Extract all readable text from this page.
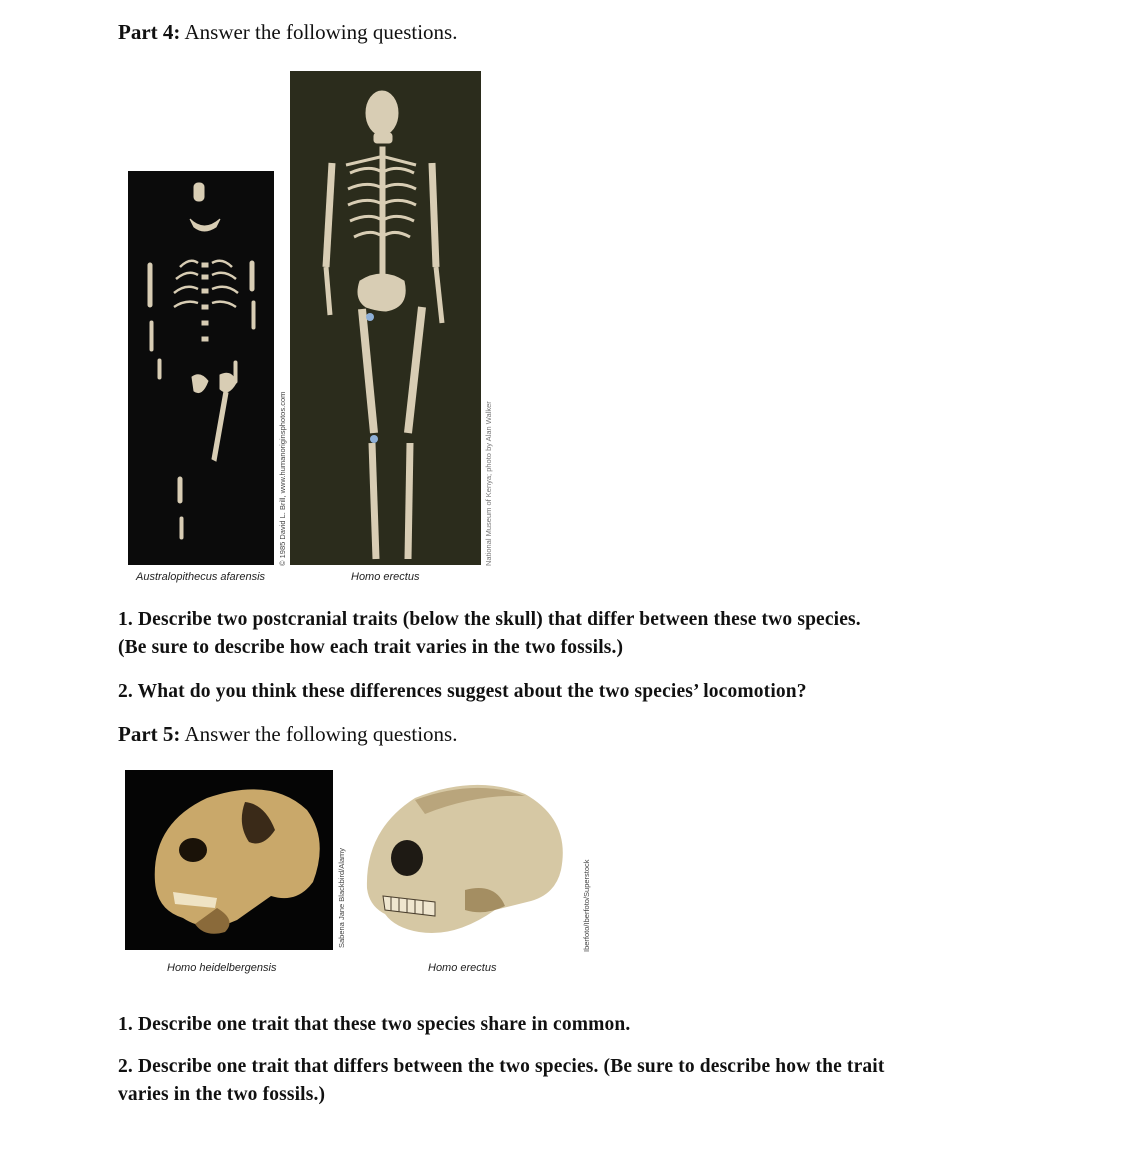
Part 4: Answer the following questions.
© 1985 David L. Brill, www.humanoriginsphotos.com	National Museum of Kenya; photo by Alan Walker
Australopithecus afarensis	Homo erectus
1. Describe two postcranial traits (below the skull) that differ between these two species.
(Be sure to describe how each trait varies in the two fossils.)
2. What do you think these differences suggest about the two species’ locomotion?
Part 5: Answer the following questions.
Sabena Jane Blackbird/Alamy	Iberfoto/Iberfoto/Superstock
Homo heidelbergensis	Homo erectus
1. Describe one trait that these two species share in common.
2. Describe one trait that differs between the two species. (Be sure to describe how the trait
varies in the two fossils.)
